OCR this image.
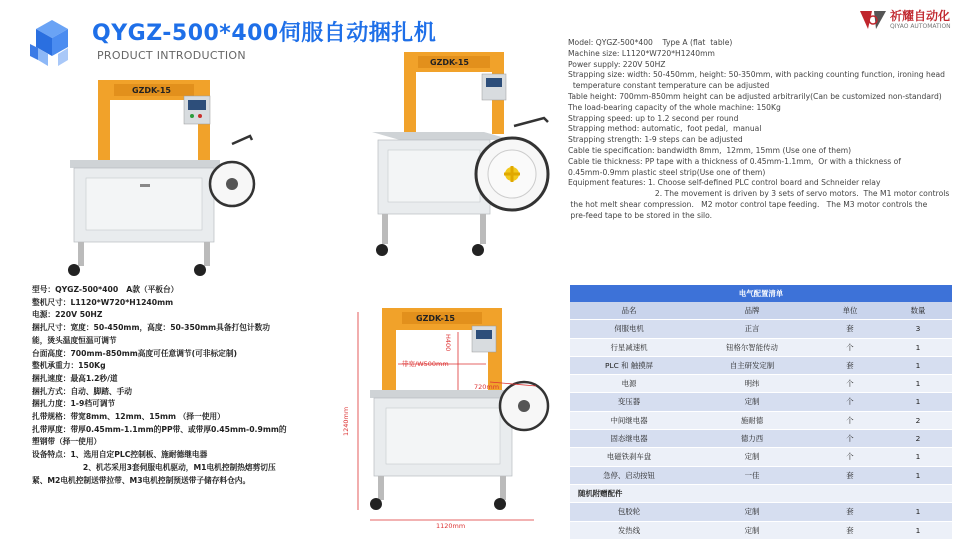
QYGZ-500*400伺服自动捆扎机
PRODUCT INTRODUCTION
祈耀自动化
QIYAO AUTOMATION
GZDK-15
GZDK-15
GZDK-15
带宽/W500mm
H400
1240mm
1120mm
720mm
Model: QYGZ-500*400    Type A (flat  table)
Machine size: L1120*W720*H1240mm
Power supply: 220V 50HZ
Strapping size: width: 50-450mm, height: 50-350mm, with packing counting function, ironing head
temperature constant temperature can be adjusted
Table height: 700mm-850mm height can be adjusted arbitrarily(Can be customized non-standard)
The load-bearing capacity of the whole machine: 150Kg
Strapping speed: up to 1.2 second per round
Strapping method: automatic,  foot pedal,  manual
Strapping strength: 1-9 steps can be adjusted
Cable tie specification: bandwidth 8mm,  12mm, 15mm (Use one of them)
Cable tie thickness: PP tape with a thickness of 0.45mm-1.1mm,  Or with a thickness of
0.45mm-0.9mm plastic steel strip(Use one of them)
Equipment features: 1. Choose self-defined PLC control board and Schneider relay
2. The movement is driven by 3 sets of servo motors.  The M1 motor controls
the hot melt shear compression.   M2 motor control tape feeding.   The M3 motor controls the
pre-feed tape to be stored in the silo.
型号：QYGZ-500*400   A款（平板台）
整机尺寸：L1120*W720*H1240mm
电源：220V 50HZ
捆扎尺寸：宽度：50-450mm，高度：50-350mm具备打包计数功
能，烫头温度恒温可调节
台面高度：700mm-850mm高度可任意调节(可非标定制)
整机承重力：150Kg
捆扎速度：最高1.2秒/道
捆扎方式：自动、脚踏、手动
捆扎力度：1-9档可调节
扎带规格：带宽8mm、12mm、15mm （择一使用）
扎带厚度：带厚0.45mm-1.1mm的PP带、或带厚0.45mm-0.9mm的
塑钢带（择一使用）
设备特点：1、选用自定PLC控制板、施耐德继电器
2、机芯采用3套伺服电机驱动，M1电机控制热熔剪切压
紧、M2电机控制送带拉带、M3电机控制预送带子储存料仓内。
电气配置清单
品名	品牌	单位	数量
伺服电机	正言	套	3
行星减速机	钮格尔智能传动	个	1
PLC 和 触摸屏	自主研发定制	套	1
电源	明纬	个	1
变压器	定制	个	1
中间继电器	施耐德	个	2
固态继电器	德力西	个	2
电磁铁刹车盘	定制	个	1
急停、启动按钮	一佳	套	1
随机附赠配件
包胶轮	定制	套	1
发热线	定制	套	1
